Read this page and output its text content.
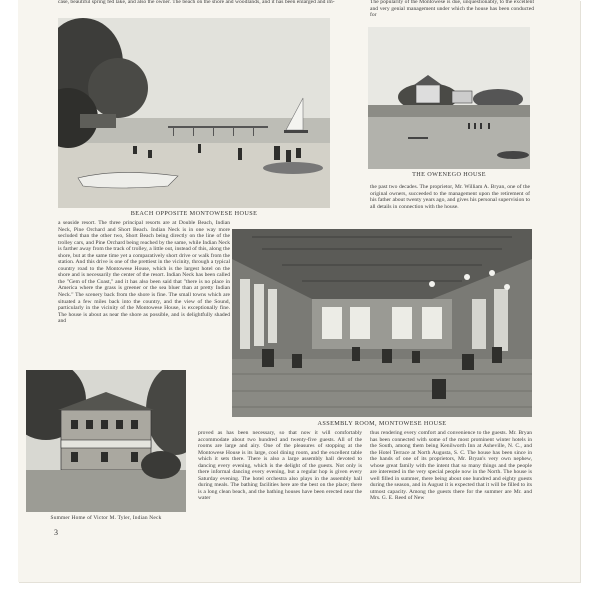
case, beautiful spring fed lake, and also the owner. The beach on the shore and woodlands, and it has been enlarged and im-	The popularity of the Montowese is due, unquestionably, to the excellent and very genial management under which the house has been conducted for
BEACH OPPOSITE MONTOWESE HOUSE
THE OWENEGO HOUSE
the past two decades. The proprietor, Mr. William A. Bryan, one of the original owners, succeeded to the management upon the retirement of his father about twenty years ago, and gives his personal supervision to all details in connection with the house.
a seaside resort. The three principal resorts are at Double Beach, Indian Neck, Pine Orchard and Short Beach. Indian Neck is in one way more secluded than the other two, Short Beach being directly on the line of the trolley cars, and Pine Orchard being reached by the same, while Indian Neck is farther away from the track of trolley, a little out, instead of this, along the shore, but at the same time yet a comparatively short drive or walk from the station. And this drive is one of the prettiest in the vicinity, through a typical country road to the Montowese House, which is the largest hotel on the shore and is necessarily the center of the resort. Indian Neck has been called the "Gem of the Coast," and it has also been said that "there is no place in America where the grass is greener or the sea bluer than at pretty Indian Neck." The scenery back from the shore is fine. The small towns which are situated a few miles back into the country, and the view of the Sound, particularly in the vicinity of the Montowese House, is exceptionally fine. The house is about as near the shore as possible, and is delightfully shaded and
ASSEMBLY ROOM, MONTOWESE HOUSE
Summer Home of Victor M. Tyler, Indian Neck
proved as has been necessary, so that now it will comfortably accommodate about two hundred and twenty-five guests. All of the rooms are large and airy. One of the pleasures of stopping at the Montowese House is its large, cool dining room, and the excellent table which it sets there. There is also a large assembly hall devoted to dancing every evening, which is the delight of the guests. Not only is there informal dancing every evening, but a regular hop is given every Saturday evening. The hotel orchestra also plays in the assembly hall during meals. The bathing facilities here are the best on the place; there is a long clean beach, and the bathing houses have been erected near the water
thus rendering every comfort and convenience to the guests. Mr. Bryan has been connected with some of the most prominent winter hotels in the South, among them being Kenilworth Inn at Asheville, N. C., and the Hotel Terrace at North Augusta, S. C. The house has been since in the hands of one of its proprietors, Mr. Bryan's very own nephew, whose great family with the intent that so many things and the people are interested in the very special people now in the North. The house is well filled in summer, there being about one hundred and eighty guests during the season, and in August it is expected that it will be filled to its utmost capacity. Among the guests there for the summer are Mr. and Mrs. G. E. Reed of New
3
